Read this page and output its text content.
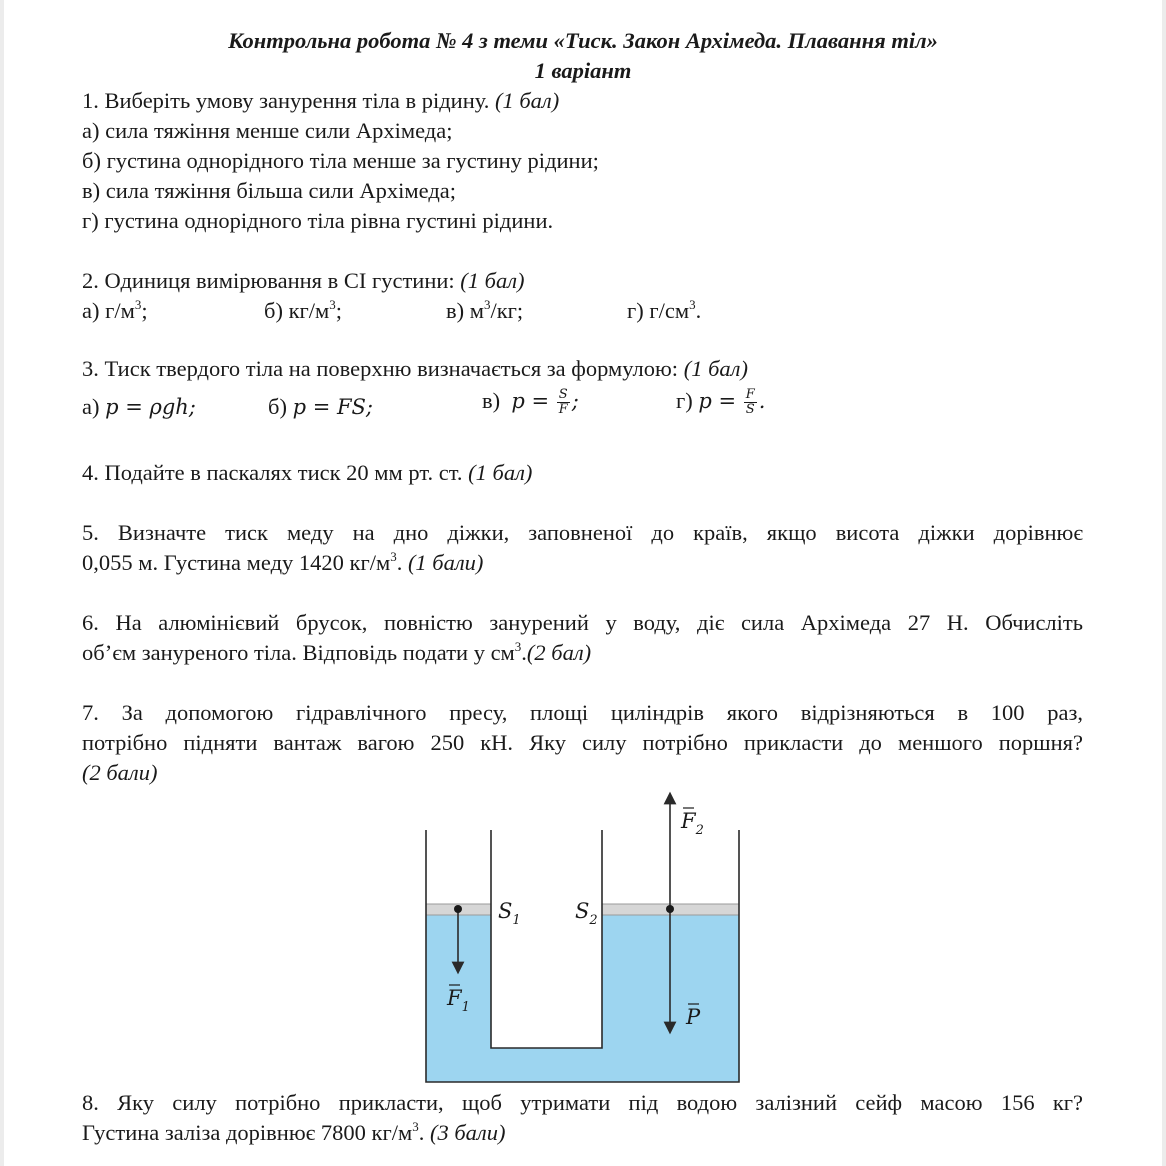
Контрольна робота № 4 з теми «Тиск. Закон Архімеда. Плавання тіл»
1 варіант
1. Виберіть умову занурення тіла в рідину. (1 бал)
а) сила тяжіння менше сили Архімеда;
б) густина однорідного тіла менше за густину рідини;
в) сила тяжіння більша сили Архімеда;
г) густина однорідного тіла рівна густині рідини.
2. Одиниця вимірювання в СІ густини: (1 бал)
а) $г/м^3$;	б) $кг/м^3$;	в) $м^3/кг$;	г) $г/см^3$.
3. Тиск твердого тіла на поверхню визначається за формулою: (1 бал)
а) p = ρgh;	б) p = FS;	в) $p = \frac{S}{F}$ ;	г) $p = \frac{F}{S}$ .
4. Подайте в паскалях тиск 20 мм рт. ст. (1 бал)
5. Визначте тиск меду на дно діжки, заповненої до країв, якщо висота діжки дорівнює
0,055 м. Густина меду 1420 $кг/м^3$. (1 бали)
6. На алюмінієвий брусок, повністю занурений у воду, діє сила Архімеда 27 Н. Обчисліть
об’єм зануреного тіла. Відповідь подати у $см^3.(2$ бал)
7. За допомогою гідравлічного пресу, площі циліндрів якого відрізняються в 100 раз,
потрібно підняти вантаж вагою 250 кН. Яку силу потрібно прикласти до меншого поршня?
(2 бали)
$S_1$	$S_2$
$F_1$
$F_2$
P
8. Яку силу потрібно прикласти, щоб утримати під водою залізний сейф масою 156 кг?
Густина заліза дорівнює 7800 $кг/м^3$. (3 бали)
